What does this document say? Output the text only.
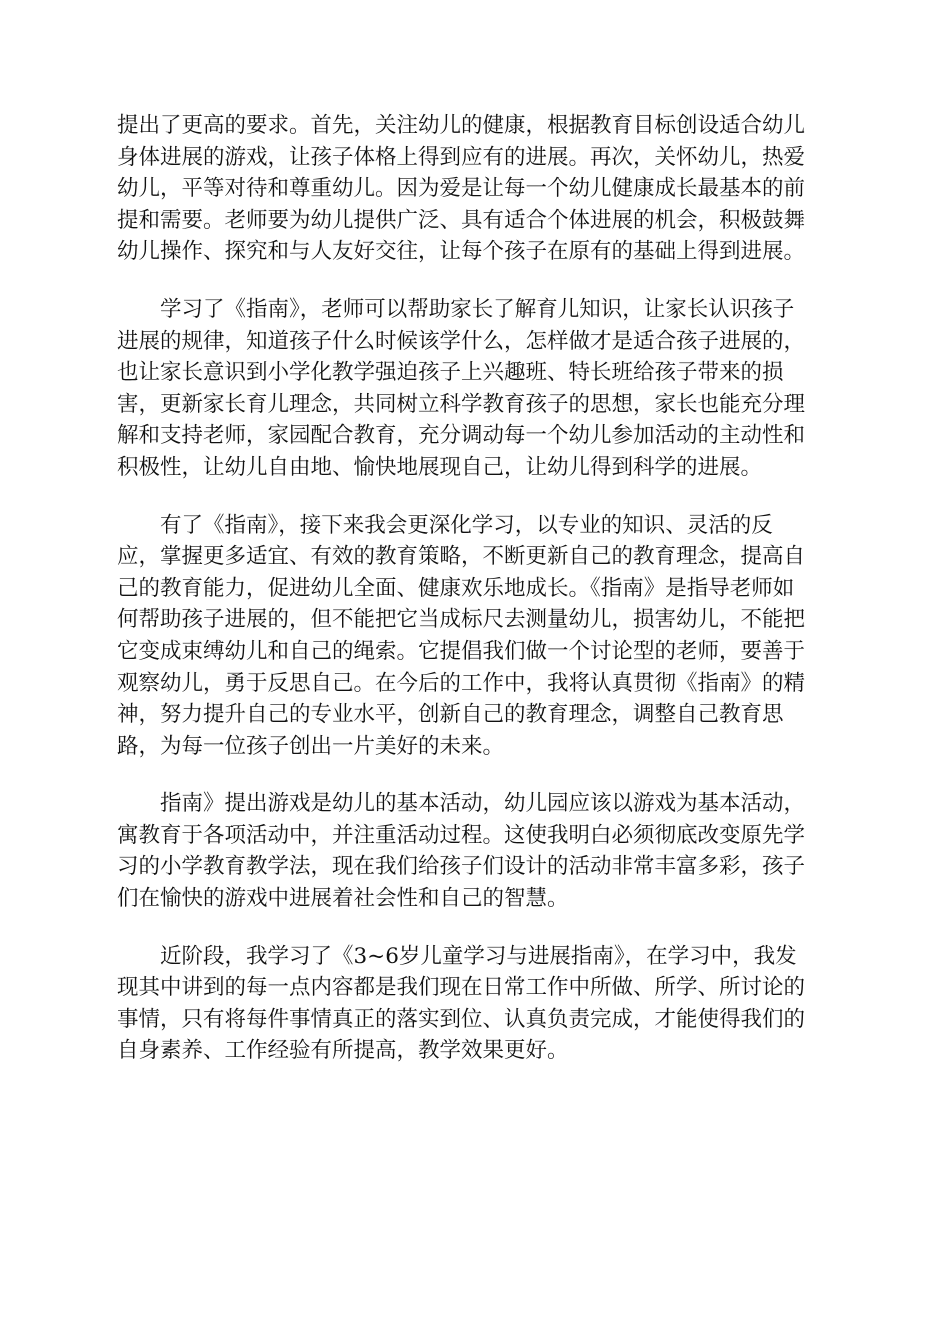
提出了更高的要求。首先，关注幼儿的健康，根据教育目标创设适合幼儿
身体进展的游戏，让孩子体格上得到应有的进展。再次，关怀幼儿，热爱
幼儿，平等对待和尊重幼儿。因为爱是让每一个幼儿健康成长最基本的前
提和需要。老师要为幼儿提供广泛、具有适合个体进展的机会，积极鼓舞
幼儿操作、探究和与人友好交往，让每个孩子在原有的基础上得到进展。

学习了《指南》，老师可以帮助家长了解育儿知识，让家长认识孩子
进展的规律，知道孩子什么时候该学什么，怎样做才是适合孩子进展的，
也让家长意识到小学化教学强迫孩子上兴趣班、特长班给孩子带来的损
害，更新家长育儿理念，共同树立科学教育孩子的思想，家长也能充分理
解和支持老师，家园配合教育，充分调动每一个幼儿参加活动的主动性和
积极性，让幼儿自由地、愉快地展现自己，让幼儿得到科学的进展。

有了《指南》，接下来我会更深化学习，以专业的知识、灵活的反
应，掌握更多适宜、有效的教育策略，不断更新自己的教育理念，提高自
己的教育能力，促进幼儿全面、健康欢乐地成长。《指南》是指导老师如
何帮助孩子进展的，但不能把它当成标尺去测量幼儿，损害幼儿，不能把
它变成束缚幼儿和自己的绳索。它提倡我们做一个讨论型的老师，要善于
观察幼儿，勇于反思自己。在今后的工作中，我将认真贯彻《指南》的精
神，努力提升自己的专业水平，创新自己的教育理念，调整自己教育思
路，为每一位孩子创出一片美好的未来。

指南》提出游戏是幼儿的基本活动，幼儿园应该以游戏为基本活动，
寓教育于各项活动中，并注重活动过程。这使我明白必须彻底改变原先学
习的小学教育教学法，现在我们给孩子们设计的活动非常丰富多彩，孩子
们在愉快的游戏中进展着社会性和自己的智慧。

近阶段，我学习了《3~6岁儿童学习与进展指南》，在学习中，我发
现其中讲到的每一点内容都是我们现在日常工作中所做、所学、所讨论的
事情，只有将每件事情真正的落实到位、认真负责完成，才能使得我们的
自身素养、工作经验有所提高，教学效果更好。
